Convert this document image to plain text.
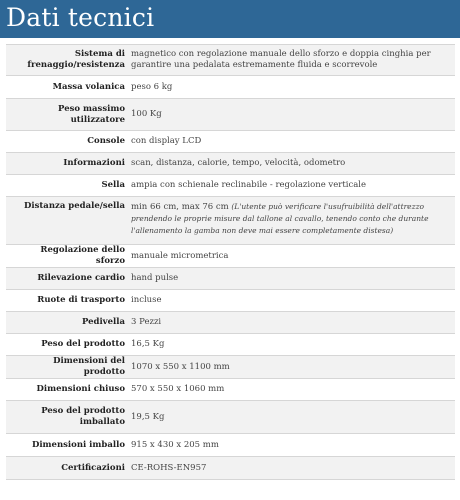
Dati tecnici
Sistema di frenaggio/resistenza	magnetico con regolazione manuale dello sforzo e doppia cinghia per garantire una pedalata estremamente fluida e scorrevole
Massa volanica	peso 6 kg
Peso massimo utilizzatore	100 Kg
Console	con display LCD
Informazioni	scan, distanza, calorie, tempo, velocità, odometro
Sella	ampia con schienale reclinabile - regolazione verticale
Distanza pedale/sella	min 66 cm, max 76 cm (L'utente può verificare l'usufruibilità dell'attrezzo prendendo le proprie misure dal tallone al cavallo, tenendo conto che durante l'allenamento la gamba non deve mai essere completamente distesa)
Regolazione dello sforzo	manuale micrometrica
Rilevazione cardio	hand pulse
Ruote di trasporto	incluse
Pedivella	3 Pezzi
Peso del prodotto	16,5 Kg
Dimensioni del prodotto	1070 x 550 x 1100 mm
Dimensioni chiuso	570 x 550 x 1060 mm
Peso del prodotto imballato	19,5 Kg
Dimensioni imballo	915 x 430 x 205 mm
Certificazioni	CE-ROHS-EN957
